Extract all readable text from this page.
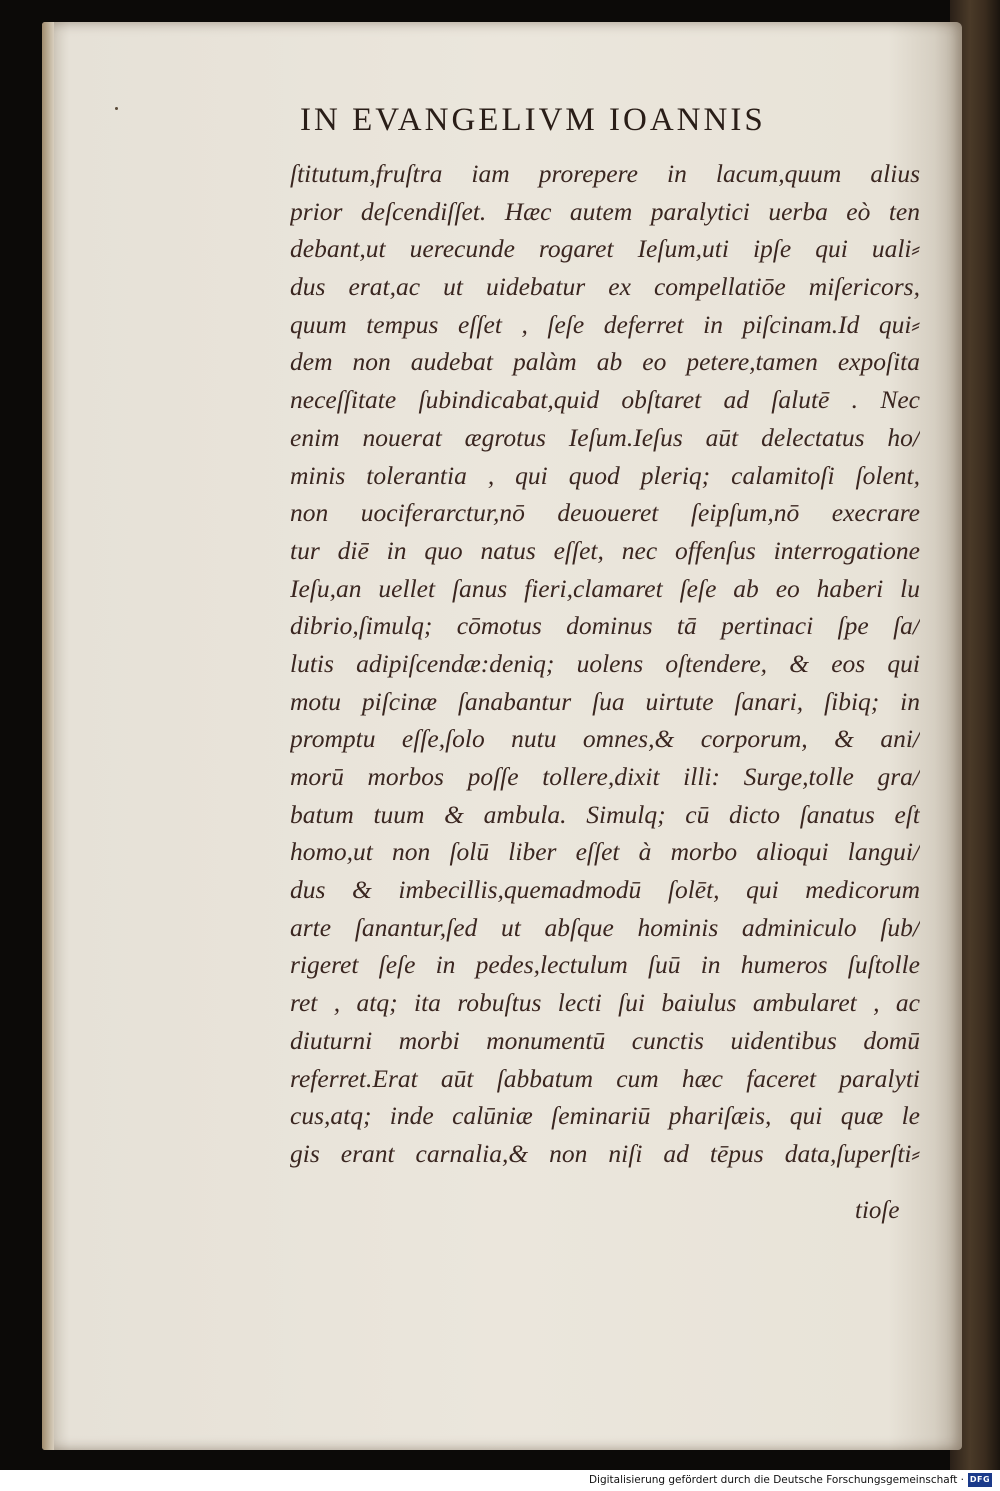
IN EVANGELIVM IOANNIS
ſtitutum,fruſtra iam prorepere in lacum,quum alius
prior deſcendiſſet. Hæc autem paralytici uerba eò ten
debant,ut uerecunde rogaret Ieſum,uti ipſe qui uali⸗
dus erat,ac ut uidebatur ex compellatiōe miſericors,
quum tempus eſſet , ſeſe deferret in piſcinam.Id qui⸗
dem non audebat palàm ab eo petere,tamen expoſita
neceſſitate ſubindicabat,quid obſtaret ad ſalutē . Nec
enim nouerat ægrotus Ieſum.Ieſus aūt delectatus ho/
minis tolerantia , qui quod pleriq; calamitoſi ſolent,
non uociferarctur,nō deuoueret ſeipſum,nō execrare
tur diē in quo natus eſſet, nec offenſus interrogatione
Ieſu,an uellet ſanus fieri,clamaret ſeſe ab eo haberi lu
dibrio,ſimulq; cōmotus dominus tā pertinaci ſpe ſa/
lutis adipiſcendæ:deniq; uolens oſtendere, & eos qui
motu piſcinæ ſanabantur ſua uirtute ſanari, ſibiq; in
promptu eſſe,ſolo nutu omnes,& corporum, & ani/
morū morbos poſſe tollere,dixit illi: Surge,tolle gra/
batum tuum & ambula. Simulq; cū dicto ſanatus eſt
homo,ut non ſolū liber eſſet à morbo alioqui langui/
dus & imbecillis,quemadmodū ſolēt, qui medicorum
arte ſanantur,ſed ut abſque hominis adminiculo ſub/
rigeret ſeſe in pedes,lectulum ſuū in humeros ſuſtolle
ret , atq; ita robuſtus lecti ſui baiulus ambularet , ac
diuturni morbi monumentū cunctis uidentibus domū
referret.Erat aūt ſabbatum cum hæc faceret paralyti
cus,atq; inde calūniæ ſeminariū phariſæis, qui quæ le
gis erant carnalia,& non niſi ad tēpus data,ſuperſti⸗
tioſe
Digitalisierung gefördert durch die Deutsche Forschungsgemeinschaft · DFG
